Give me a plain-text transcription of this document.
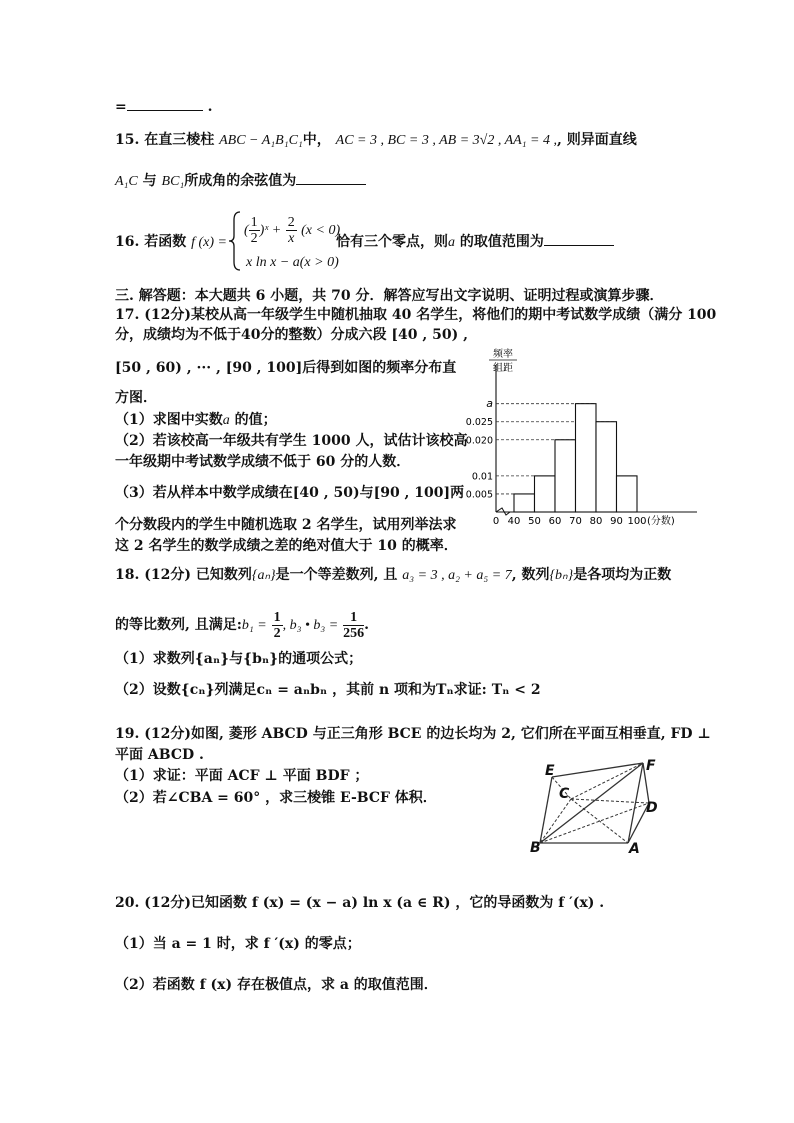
=	.
15. 在直三棱柱 ABC − A₁B₁C₁中， AC = 3 , BC = 3 , AB = 3√2 , AA₁ = 4 ,, 则异面直线
A₁C 与 BC₁所成角的余弦值为
16. 若函数 f (x) =
( $\frac{1}{2}$ )ˣ + $\frac{2}{x} (x < 0)$
x ln x − a(x > 0)
恰有三个零点，则a 的取值范围为
三. 解答题：本大题共 6 小题，共 70 分．解答应写出文字说明、证明过程或演算步骤．
17. (12分)某校从高一年级学生中随机抽取 40 名学生，将他们的期中考试数学成绩（满分 100
分，成绩均为不低于40分的整数）分成六段 [40 , 50) ,
[50 , 60) , ··· , [90 , 100]后得到如图的频率分布直
方图．
（1）求图中实数a 的值；
（2）若该校高一年级共有学生 1000 人，试估计该校高
一年级期中考试数学成绩不低于 60 分的人数．
（3）若从样本中数学成绩在[40 , 50)与[90 , 100]两
个分数段内的学生中随机选取 2 名学生，试用列举法求
这 2 名学生的数学成绩之差的绝对值大于 10 的概率．
0.005
0.01
0.020
0.025
a
40 50 60 70 80 90 100
频率
组距
0	(分数)
18. (12分) 已知数列{aₙ}是一个等差数列, 且 a₃ = 3 , a₂ + a₅ = 7, 数列{bₙ}是各项均为正数
的等比数列, 且满足:b₁ = $\frac{1}{2}$ , b₃ • $b_3 = \frac{1}{256}$ .
（1）求数列{aₙ}与{bₙ}的通项公式；
（2）设数{cₙ}列满足cₙ = aₙbₙ ，其前 n 项和为Tₙ求证: Tₙ < 2
19. (12分)如图, 菱形 ABCD 与正三角形 BCE 的边长均为 2, 它们所在平面互相垂直, FD ⊥
平面 ABCD .
（1）求证：平面 ACF ⊥ 平面 BDF ；
（2）若∠CBA = 60° ，求三棱锥 E-BCF 体积．
E	F
C
D
B	A
20. (12分)已知函数 f (x) = (x − a) ln x (a ∈ R) ，它的导函数为 f ′(x) .
（1）当 a = 1 时，求 f ′(x) 的零点；
（2）若函数 f (x) 存在极值点，求 a 的取值范围．
